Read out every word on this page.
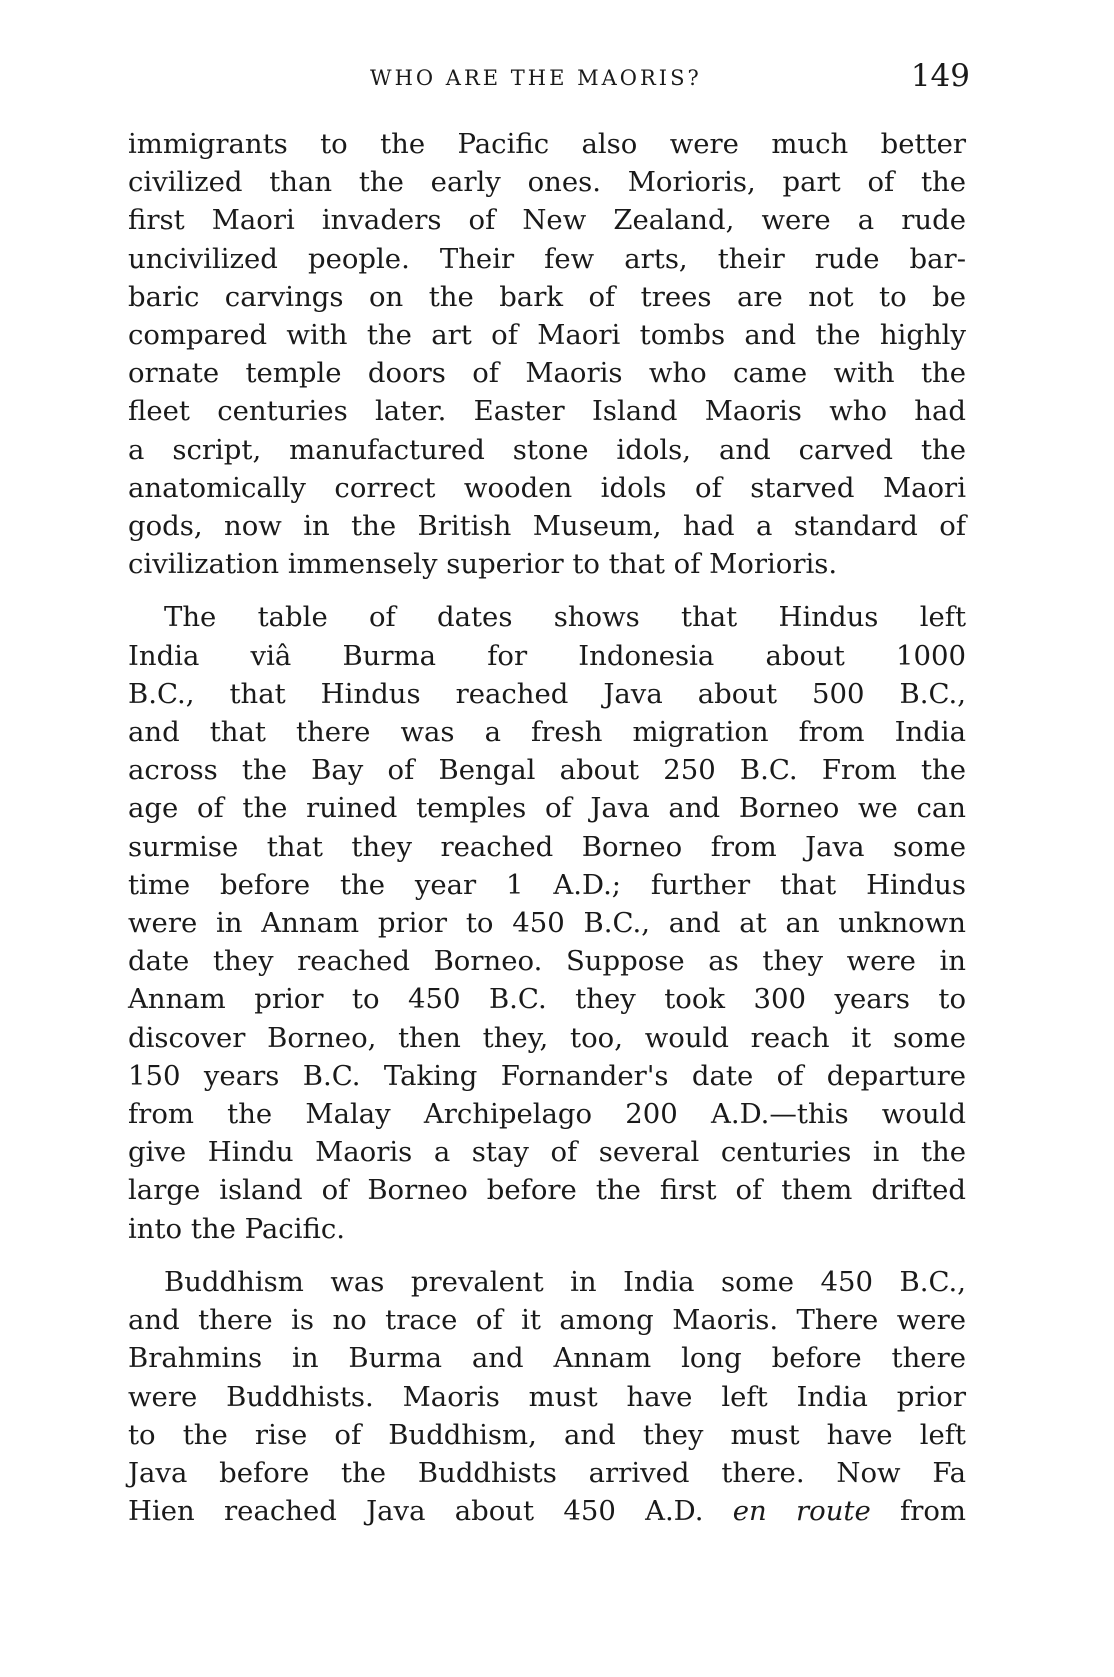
WHO ARE THE MAORIS?	149

immigrants to the Pacific also were much better
civilized than the early ones. Morioris, part of the
first Maori invaders of New Zealand, were a rude
uncivilized people. Their few arts, their rude bar-
baric carvings on the bark of trees are not to be
compared with the art of Maori tombs and the highly
ornate temple doors of Maoris who came with the
fleet centuries later. Easter Island Maoris who had
a script, manufactured stone idols, and carved the
anatomically correct wooden idols of starved Maori
gods, now in the British Museum, had a standard of
civilization immensely superior to that of Morioris.

The table of dates shows that Hindus left
India viâ Burma for Indonesia about 1000
B.C., that Hindus reached Java about 500 B.C.,
and that there was a fresh migration from India
across the Bay of Bengal about 250 B.C. From the
age of the ruined temples of Java and Borneo we can
surmise that they reached Borneo from Java some
time before the year 1 A.D.; further that Hindus
were in Annam prior to 450 B.C., and at an unknown
date they reached Borneo. Suppose as they were in
Annam prior to 450 B.C. they took 300 years to
discover Borneo, then they, too, would reach it some
150 years B.C. Taking Fornander's date of departure
from the Malay Archipelago 200 A.D.—this would
give Hindu Maoris a stay of several centuries in the
large island of Borneo before the first of them drifted
into the Pacific.

Buddhism was prevalent in India some 450 B.C.,
and there is no trace of it among Maoris. There were
Brahmins in Burma and Annam long before there
were Buddhists. Maoris must have left India prior
to the rise of Buddhism, and they must have left
Java before the Buddhists arrived there. Now Fa
Hien reached Java about 450 A.D. en route from
